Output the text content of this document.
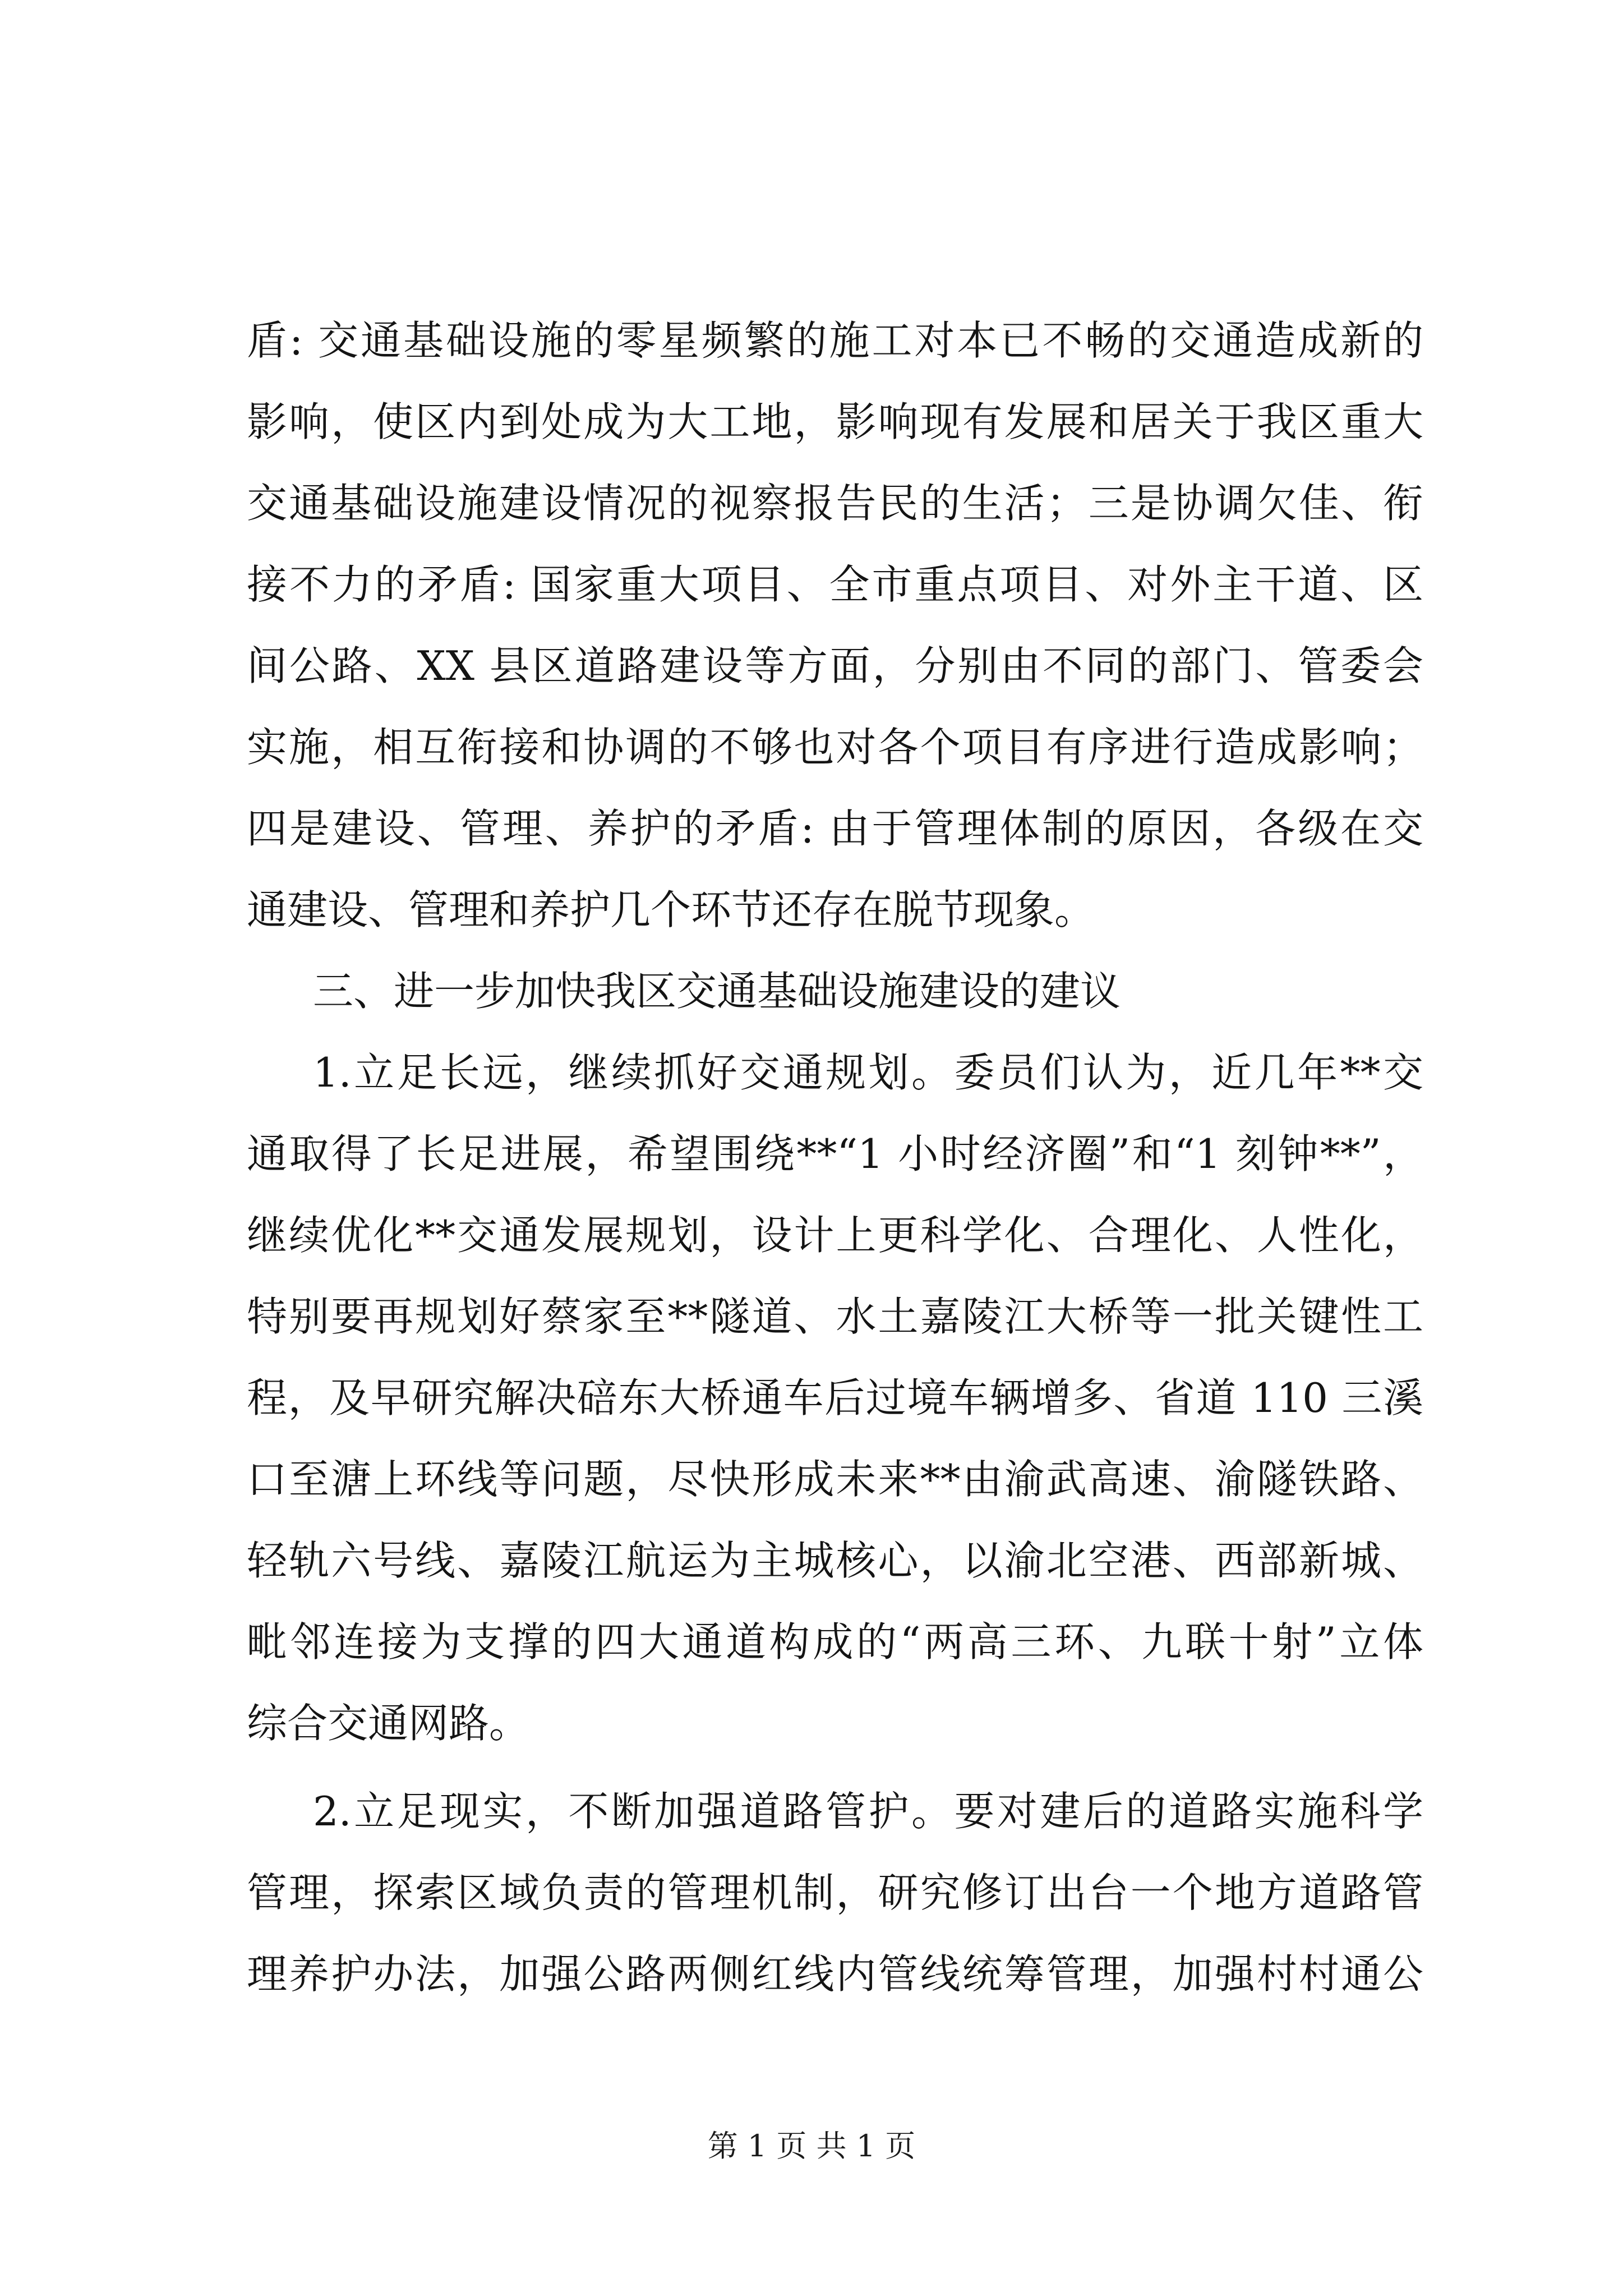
盾: 交通基础设施的零星频繁的施工对本已不畅的交通造成新的
影响，使区内到处成为大工地，影响现有发展和居关于我区重大
交通基础设施建设情况的视察报告民的生活；三是协调欠佳、衔
接不力的矛盾: 国家重大项目、全市重点项目、对外主干道、区
间公路、XX 县区道路建设等方面，分别由不同的部门、管委会
实施，相互衔接和协调的不够也对各个项目有序进行造成影响；
四是建设、管理、养护的矛盾: 由于管理体制的原因，各级在交
通建设、管理和养护几个环节还存在脱节现象。
三、进一步加快我区交通基础设施建设的建议
1.立足长远，继续抓好交通规划。委员们认为，近几年**交
通取得了长足进展，希望围绕**“1 小时经济圈”和“1 刻钟**”，
继续优化**交通发展规划，设计上更科学化、合理化、人性化，
特别要再规划好蔡家至**隧道、水土嘉陵江大桥等一批关键性工
程，及早研究解决碚东大桥通车后过境车辆增多、省道 110 三溪
口至溏上环线等问题，尽快形成未来**由渝武高速、渝隧铁路、
轻轨六号线、嘉陵江航运为主城核心，以渝北空港、西部新城、
毗邻连接为支撑的四大通道构成的“两高三环、九联十射”立体
综合交通网路。
2.立足现实，不断加强道路管护。要对建后的道路实施科学
管理，探索区域负责的管理机制，研究修订出台一个地方道路管
理养护办法，加强公路两侧红线内管线统筹管理，加强村村通公
第 1 页 共 1 页
